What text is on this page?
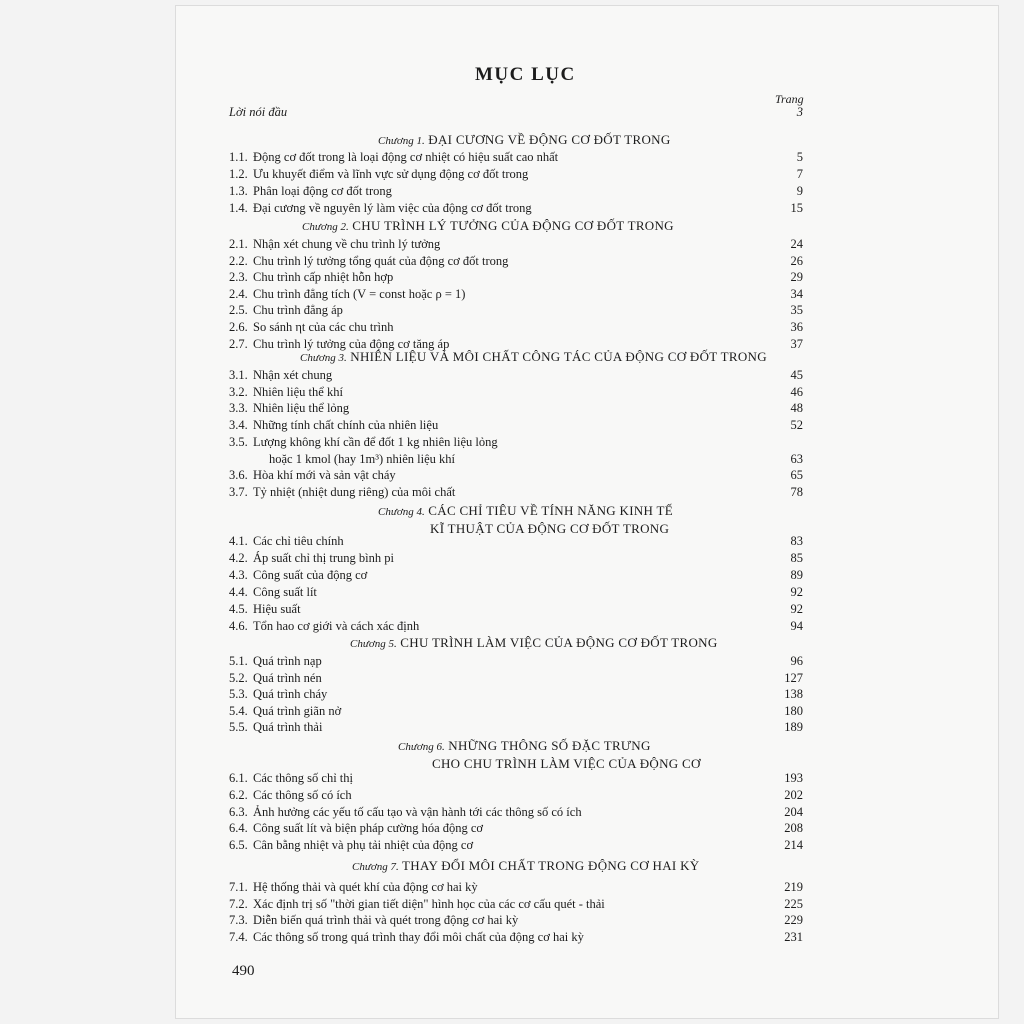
MỤC LỤC
Trang
Lời nói đầu	3
Chương 1. ĐẠI CƯƠNG VỀ ĐỘNG CƠ ĐỐT TRONG
1.1. Động cơ đốt trong là loại động cơ nhiệt có hiệu suất cao nhất	5
1.2. Ưu khuyết điểm và lĩnh vực sử dụng động cơ đốt trong	7
1.3. Phân loại động cơ đốt trong	9
1.4. Đại cương về nguyên lý làm việc của động cơ đốt trong	15
Chương 2. CHU TRÌNH LÝ TƯỞNG CỦA ĐỘNG CƠ ĐỐT TRONG
2.1. Nhận xét chung về chu trình lý tưởng	24
2.2. Chu trình lý tưởng tổng quát của động cơ đốt trong	26
2.3. Chu trình cấp nhiệt hỗn hợp	29
2.4. Chu trình đẳng tích (V = const hoặc ρ = 1)	34
2.5. Chu trình đẳng áp	35
2.6. So sánh ηt của các chu trình	36
2.7. Chu trình lý tưởng của động cơ tăng áp	37
Chương 3. NHIÊN LIỆU VÀ MÔI CHẤT CÔNG TÁC CỦA ĐỘNG CƠ ĐỐT TRONG
3.1. Nhận xét chung	45
3.2. Nhiên liệu thể khí	46
3.3. Nhiên liệu thể lỏng	48
3.4. Những tính chất chính của nhiên liệu	52
3.5. Lượng không khí cần để đốt 1 kg nhiên liệu lỏng
hoặc 1 kmol (hay 1m³) nhiên liệu khí	63
3.6. Hòa khí mới và sản vật cháy	65
3.7. Tỷ nhiệt (nhiệt dung riêng) của môi chất	78
Chương 4. CÁC CHỈ TIÊU VỀ TÍNH NĂNG KINH TẾ
KĨ THUẬT CỦA ĐỘNG CƠ ĐỐT TRONG
4.1. Các chỉ tiêu chính	83
4.2. Áp suất chỉ thị trung bình pi	85
4.3. Công suất của động cơ	89
4.4. Công suất lít	92
4.5. Hiệu suất	92
4.6. Tổn hao cơ giới và cách xác định	94
Chương 5. CHU TRÌNH LÀM VIỆC CỦA ĐỘNG CƠ ĐỐT TRONG
5.1. Quá trình nạp	96
5.2. Quá trình nén	127
5.3. Quá trình cháy	138
5.4. Quá trình giãn nở	180
5.5. Quá trình thải	189
Chương 6. NHỮNG THÔNG SỐ ĐẶC TRƯNG
CHO CHU TRÌNH LÀM VIỆC CỦA ĐỘNG CƠ
6.1. Các thông số chỉ thị	193
6.2. Các thông số có ích	202
6.3. Ảnh hưởng các yếu tố cấu tạo và vận hành tới các thông số có ích	204
6.4. Công suất lít và biện pháp cường hóa động cơ	208
6.5. Cân bằng nhiệt và phụ tải nhiệt của động cơ	214
Chương 7. THAY ĐỔI MÔI CHẤT TRONG ĐỘNG CƠ HAI KỲ
7.1. Hệ thống thải và quét khí của động cơ hai kỳ	219
7.2. Xác định trị số "thời gian tiết diện" hình học của các cơ cấu quét - thải	225
7.3. Diễn biến quá trình thải và quét trong động cơ hai kỳ	229
7.4. Các thông số trong quá trình thay đổi môi chất của động cơ hai kỳ	231
490
